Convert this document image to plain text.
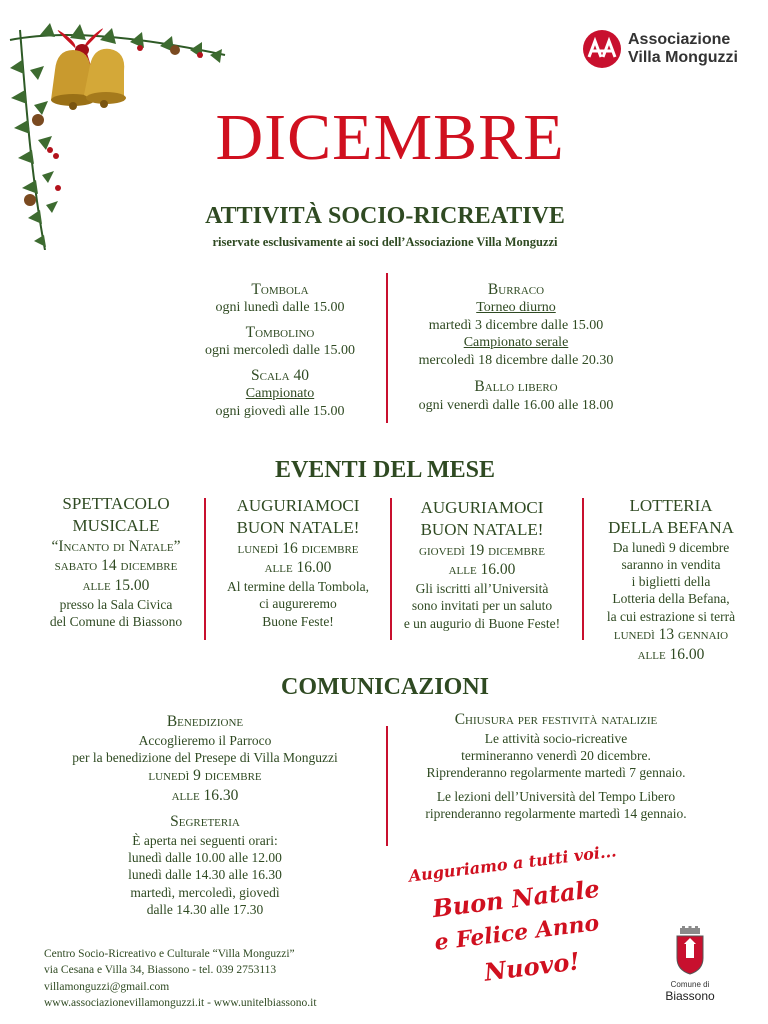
Associazione
Villa Monguzzi
DICEMBRE
ATTIVITÀ SOCIO-RICREATIVE
riservate esclusivamente ai soci dell’Associazione Villa Monguzzi
Tombola
ogni lunedì dalle 15.00
Tombolino
ogni mercoledì dalle 15.00
Scala 40
Campionato
ogni giovedì alle 15.00
Burraco
Torneo diurno
martedì 3 dicembre dalle 15.00
Campionato serale
mercoledì 18 dicembre dalle 20.30
Ballo libero
ogni venerdì dalle 16.00 alle 18.00
EVENTI DEL MESE
SPETTACOLO
MUSICALE
“Incanto di Natale”
sabato 14 dicembre
alle 15.00
presso la Sala Civica
del Comune di Biassono
AUGURIAMOCI
BUON NATALE!
lunedì 16 dicembre
alle 16.00
Al termine della Tombola,
ci augureremo
Buone Feste!
AUGURIAMOCI
BUON NATALE!
giovedì 19 dicembre
alle 16.00
Gli iscritti all’Università
sono invitati per un saluto
e un augurio di Buone Feste!
LOTTERIA
DELLA BEFANA
Da lunedì 9 dicembre
saranno in vendita
i biglietti della
Lotteria della Befana,
la cui estrazione si terrà
lunedì 13 gennaio
alle 16.00
COMUNICAZIONI
Benedizione
Accoglieremo il Parroco
per la benedizione del Presepe di Villa Monguzzi
lunedì 9 dicembre
alle 16.30
Segreteria
È aperta nei seguenti orari:
lunedì dalle 10.00 alle 12.00
lunedì dalle 14.30 alle 16.30
martedì, mercoledì, giovedì
dalle 14.30 alle 17.30
Chiusura per festività natalizie
Le attività socio-ricreative
termineranno venerdì 20 dicembre.
Riprenderanno regolarmente martedì 7 gennaio.
Le lezioni dell’Università del Tempo Libero
riprenderanno regolarmente martedì 14 gennaio.
Auguriamo a tutti voi...
Buon Natale
e Felice Anno
Nuovo!
Centro Socio-Ricreativo e Culturale “Villa Monguzzi”
via Cesana e Villa 34, Biassono - tel. 039 2753113
villamonguzzi@gmail.com
www.associazionevillamonguzzi.it - www.unitelbiassono.it
Comune di
Biassono
